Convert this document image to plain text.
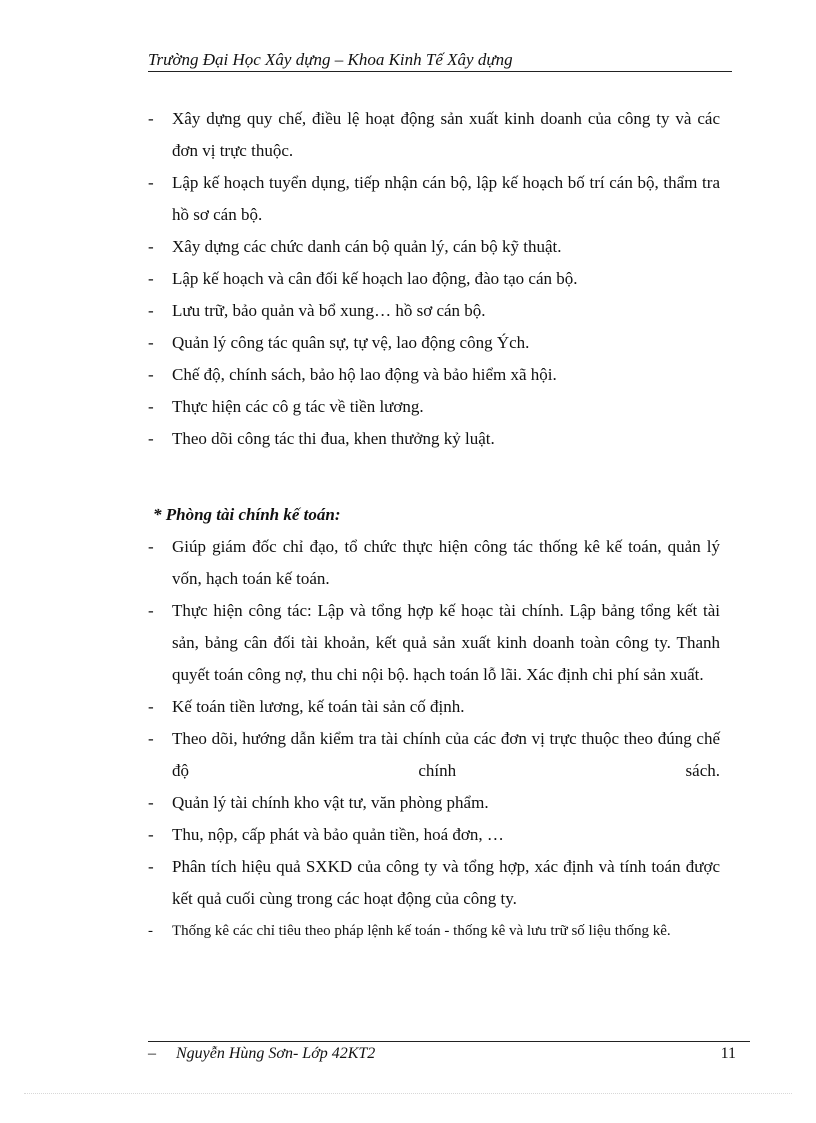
Trường Đại Học Xây dựng – Khoa Kinh Tế Xây dựng
- Xây dựng quy chế, điều lệ hoạt động sản xuất kinh doanh của công ty và các đơn vị trực thuộc.
- Lập kế hoạch tuyển dụng, tiếp nhận cán bộ, lập kế hoạch bố trí cán bộ, thẩm tra hồ sơ cán bộ.
- Xây dựng các chức danh cán bộ quản lý, cán bộ kỹ thuật.
- Lập kế hoạch và cân đối kế hoạch lao động, đào tạo cán bộ.
- Lưu trữ, bảo quản và bổ xung… hồ sơ cán bộ.
- Quản lý công tác quân sự, tự vệ, lao động công Ých.
- Chế độ, chính sách, bảo hộ lao động và bảo hiểm xã hội.
- Thực hiện các cô g tác về tiền lương.
- Theo dõi công tác thi đua, khen thưởng kỷ luật.
* Phòng tài chính kế toán:
- Giúp giám đốc chỉ đạo, tổ chức thực hiện công tác thống kê kế toán, quản lý vốn, hạch toán kế toán.
- Thực hiện công tác: Lập và tổng hợp kế hoạc tài chính. Lập bảng tổng kết tài sản, bảng cân đối tài khoản, kết quả sản xuất kinh doanh toàn công ty. Thanh quyết toán công nợ, thu chi nội bộ. hạch toán lỗ lãi. Xác định chi phí sản xuất.
- Kế toán tiền lương, kế toán tài sản cố định.
- Theo dõi, hướng dẫn kiểm tra tài chính của các đơn vị trực thuộc theo đúng chế độ chính sách.
- Quản lý tài chính kho vật tư, văn phòng phẩm.
- Thu, nộp, cấp phát và bảo quản tiền, hoá đơn, …
- Phân tích hiệu quả SXKD của công ty và tổng hợp, xác định và tính toán được kết quả cuối cùng trong các hoạt động của công ty.
- Thống kê các chỉ tiêu theo pháp lệnh kế toán - thống kê và lưu trữ số liệu thống kê.
– Nguyễn Hùng Sơn- Lớp 42KT2	11
